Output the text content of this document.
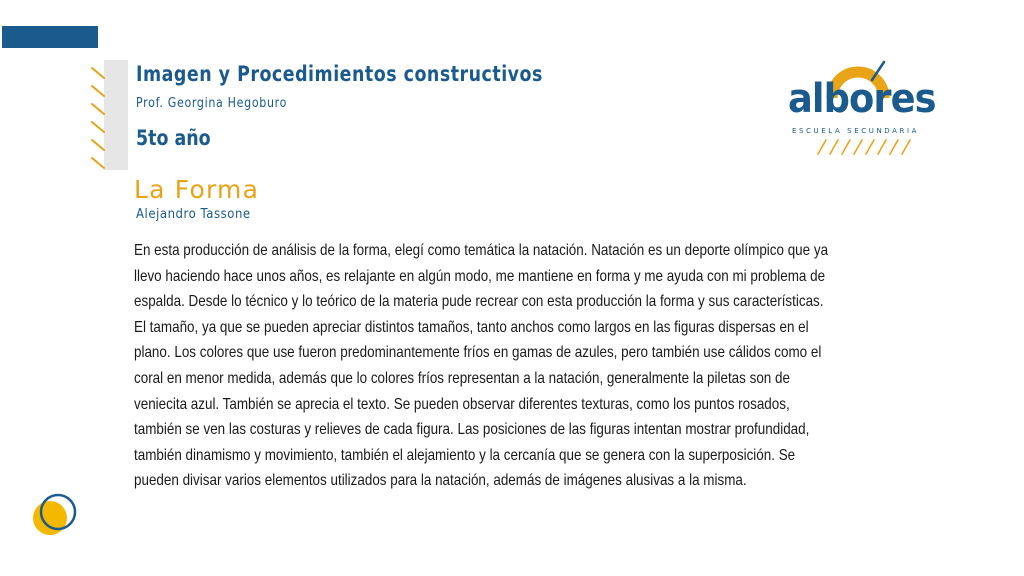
Imagen y Procedimientos constructivos
Prof. Georgina Hegoburo
5to año
albores
ESCUELA SECUNDARIA
La Forma
Alejandro Tassone
En esta producción de análisis de la forma, elegí como temática la natación. Natación es un deporte olímpico que ya
llevo haciendo hace unos años, es relajante en algún modo, me mantiene en forma y me ayuda con mi problema de
espalda. Desde lo técnico y lo teórico de la materia pude recrear con esta producción la forma y sus características.
El tamaño, ya que se pueden apreciar distintos tamaños, tanto anchos como largos en las figuras dispersas en el
plano. Los colores que use fueron predominantemente fríos en gamas de azules, pero también use cálidos como el
coral en menor medida, además que lo colores fríos representan a la natación, generalmente la piletas son de
veniecita azul. También se aprecia el texto. Se pueden observar diferentes texturas, como los puntos rosados,
también se ven las costuras y relieves de cada figura. Las posiciones de las figuras intentan mostrar profundidad,
también dinamismo y movimiento, también el alejamiento y la cercanía que se genera con la superposición. Se
pueden divisar varios elementos utilizados para la natación, además de imágenes alusivas a la misma.
